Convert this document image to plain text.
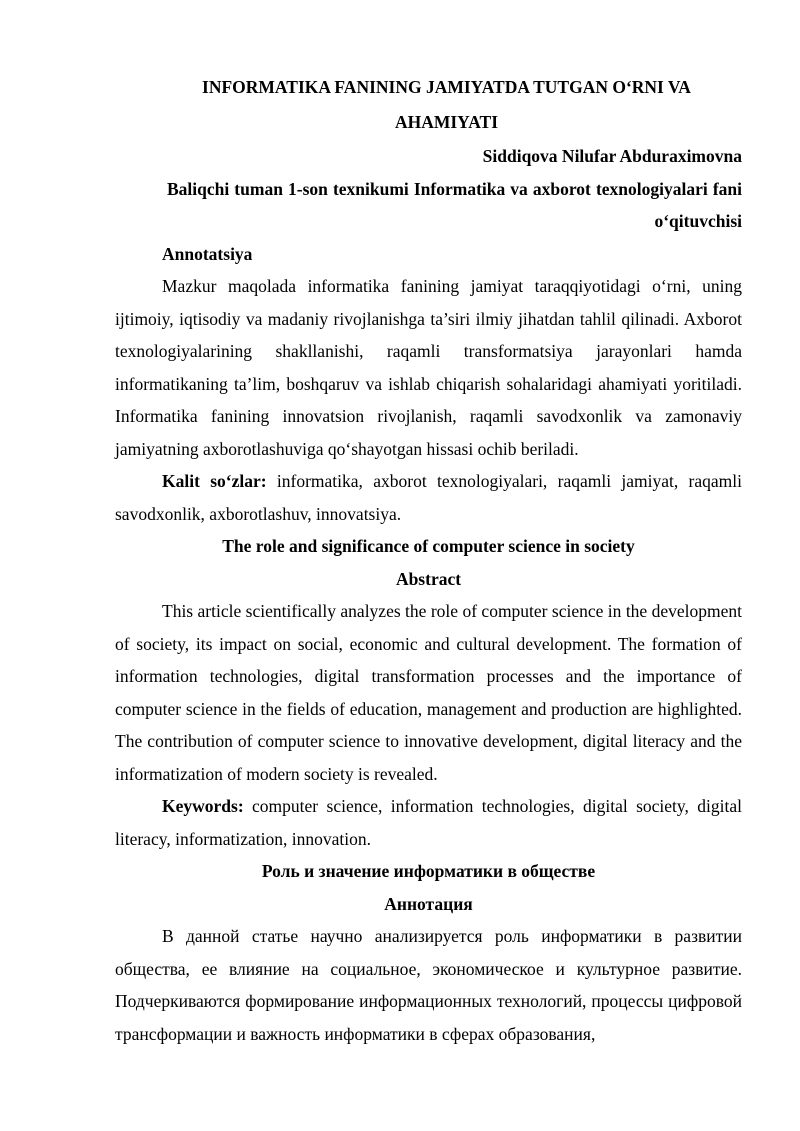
INFORMATIKA FANINING JAMIYATDA TUTGAN O‘RNI VA AHAMIYATI

Siddiqova Nilufar Abduraximovna

Baliqchi tuman 1-son texnikumi Informatika va axborot texnologiyalari fani o‘qituvchisi

Annotatsiya

Mazkur maqolada informatika fanining jamiyat taraqqiyotidagi o‘rni, uning ijtimoiy, iqtisodiy va madaniy rivojlanishga ta’siri ilmiy jihatdan tahlil qilinadi. Axborot texnologiyalarining shakllanishi, raqamli transformatsiya jarayonlari hamda informatikaning ta’lim, boshqaruv va ishlab chiqarish sohalaridagi ahamiyati yoritiladi. Informatika fanining innovatsion rivojlanish, raqamli savodxonlik va zamonaviy jamiyatning axborotlashuviga qo‘shayotgan hissasi ochib beriladi.

Kalit so‘zlar: informatika, axborot texnologiyalari, raqamli jamiyat, raqamli savodxonlik, axborotlashuv, innovatsiya.

The role and significance of computer science in society

Abstract

This article scientifically analyzes the role of computer science in the development of society, its impact on social, economic and cultural development. The formation of information technologies, digital transformation processes and the importance of computer science in the fields of education, management and production are highlighted. The contribution of computer science to innovative development, digital literacy and the informatization of modern society is revealed.

Keywords: computer science, information technologies, digital society, digital literacy, informatization, innovation.

Роль и значение информатики в обществе

Аннотация

В данной статье научно анализируется роль информатики в развитии общества, ее влияние на социальное, экономическое и культурное развитие. Подчеркиваются формирование информационных технологий, процессы цифровой трансформации и важность информатики в сферах образования,
